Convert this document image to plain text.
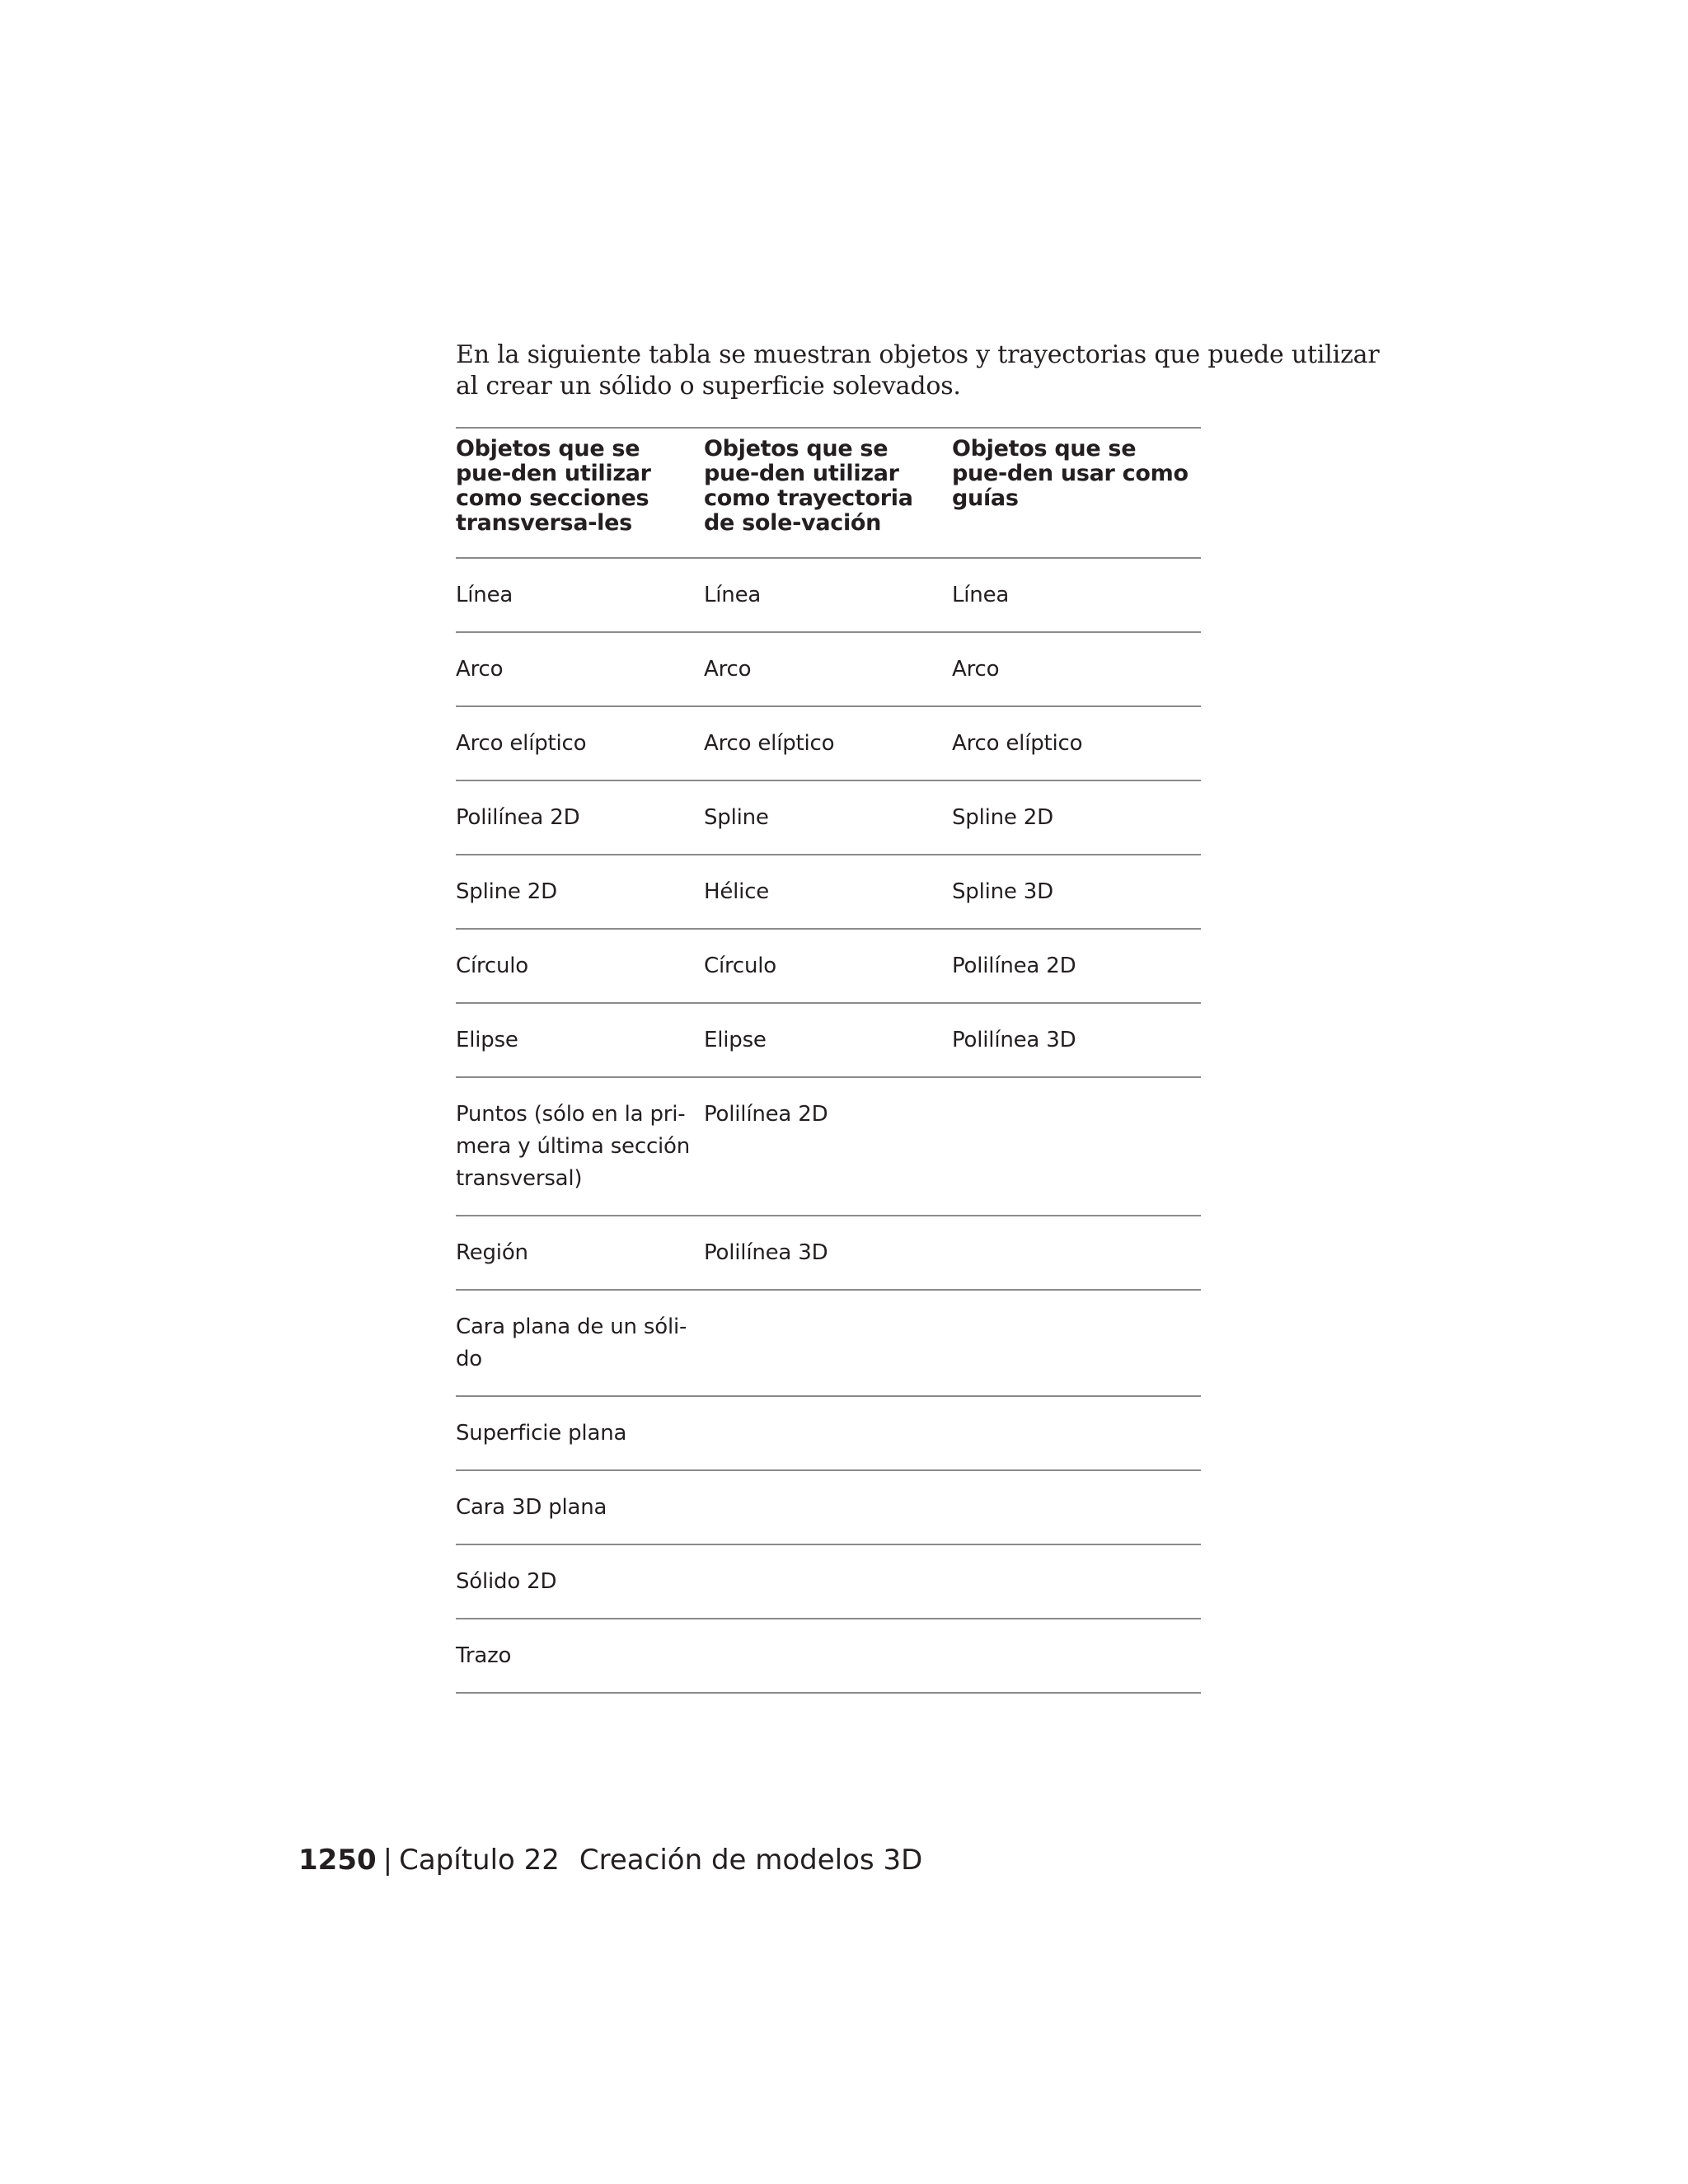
En la siguiente tabla se muestran objetos y trayectorias que puede utilizar al crear un sólido o superficie solevados.

Objetos que se pue-den utilizar como secciones transversa-les	Objetos que se pue-den utilizar como trayectoria de sole-vación	Objetos que se pue-den usar como guías
Línea	Línea	Línea
Arco	Arco	Arco
Arco elíptico	Arco elíptico	Arco elíptico
Polilínea 2D	Spline	Spline 2D
Spline 2D	Hélice	Spline 3D
Círculo	Círculo	Polilínea 2D
Elipse	Elipse	Polilínea 3D
Puntos (sólo en la pri-mera y última sección transversal)	Polilínea 2D	
Región	Polilínea 3D	
Cara plana de un sóli-do		
Superficie plana		
Cara 3D plana		
Sólido 2D		
Trazo		
1250 | Capítulo 22 Creación de modelos 3D
